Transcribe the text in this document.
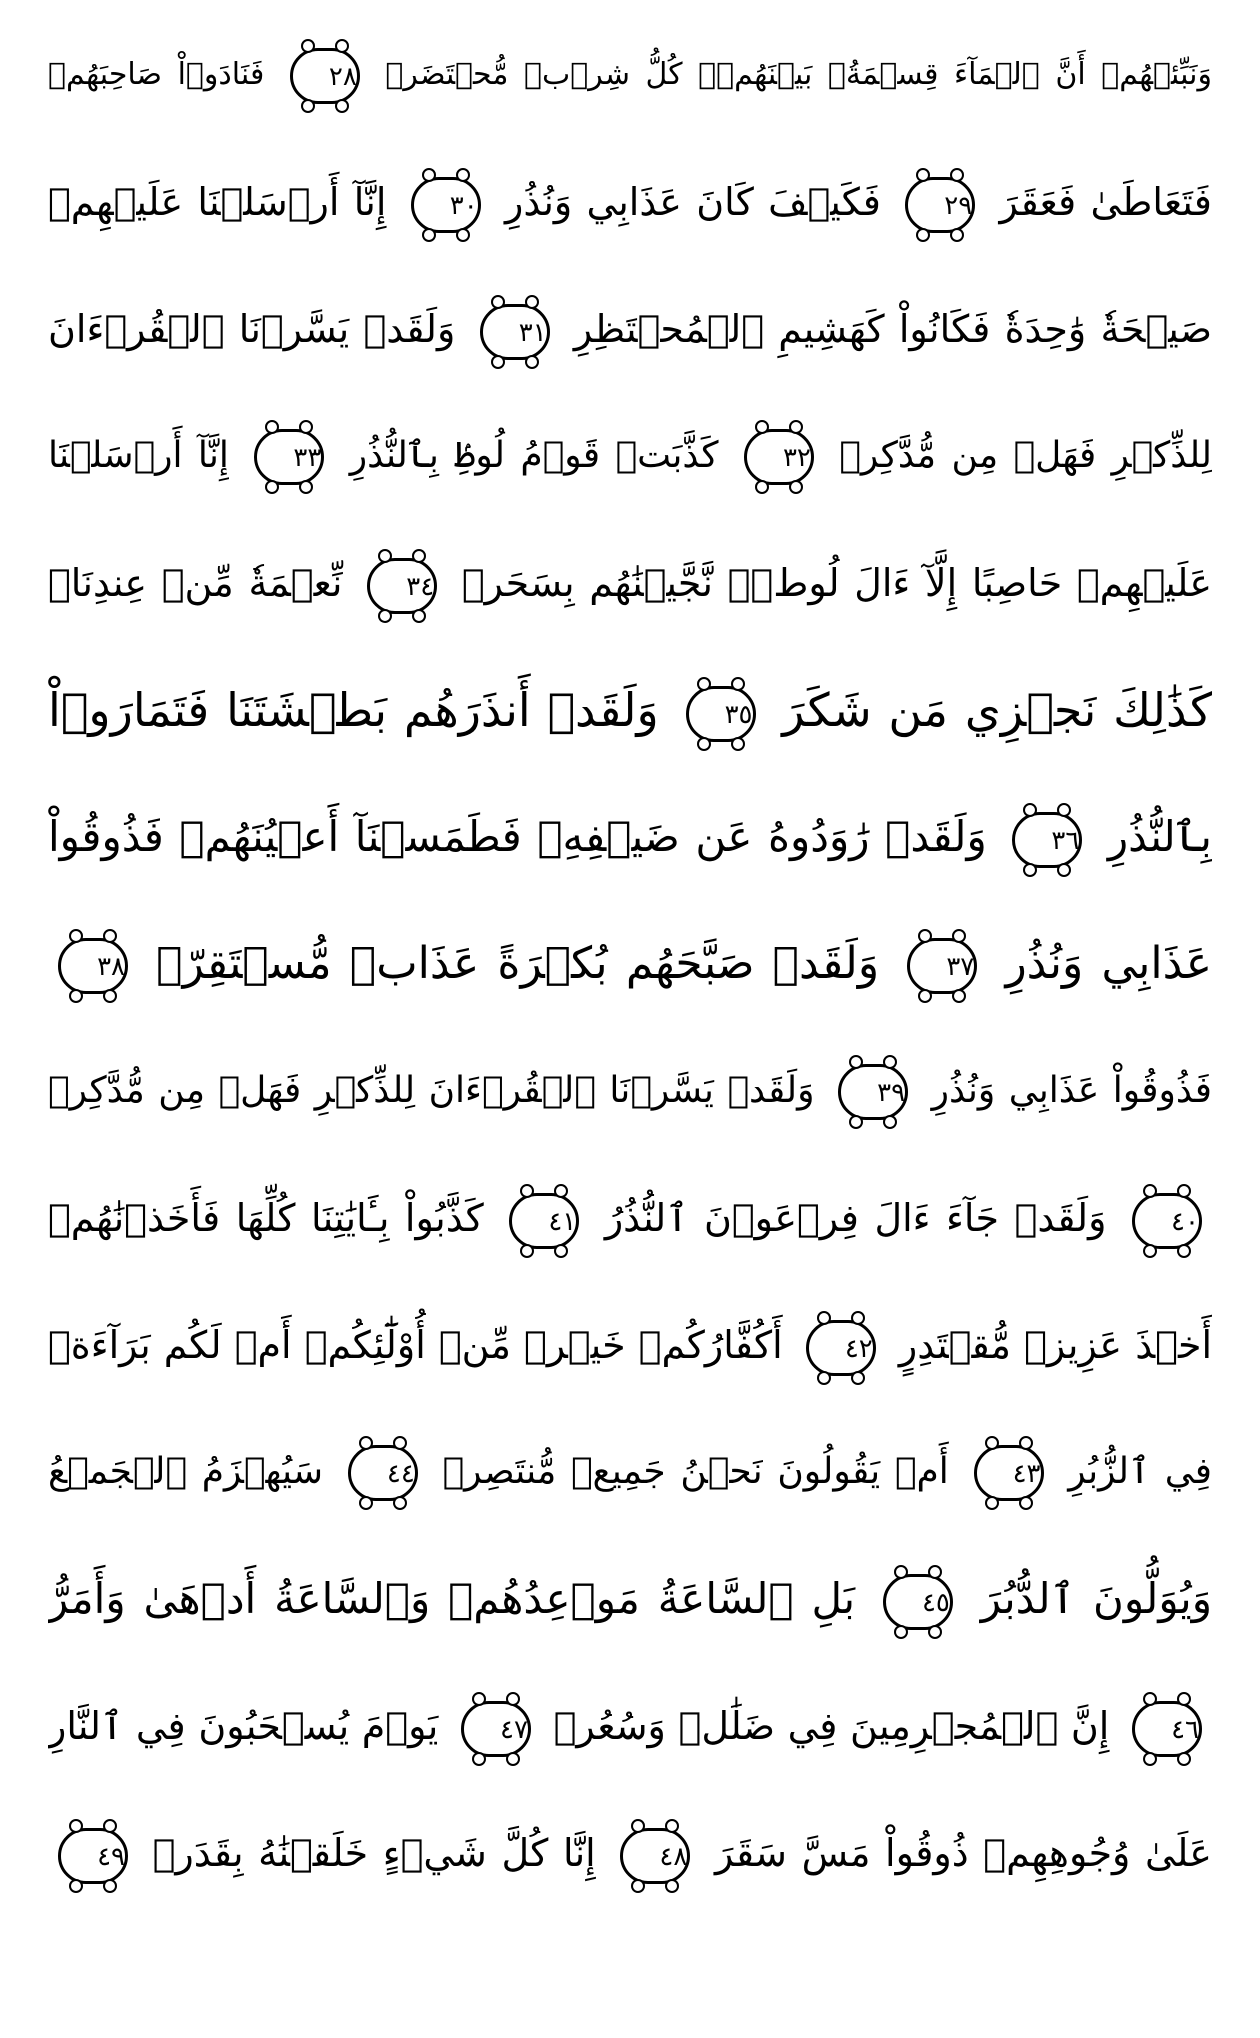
وَنَبِّئۡهُمۡ أَنَّ ٱلۡمَآءَ قِسۡمَةُۢ بَيۡنَهُمۡۖ كُلُّ شِرۡبٖ مُّحۡتَضَرٞ
٢٨ فَنَادَوۡاْ صَاحِبَهُمۡ
فَتَعَاطَىٰ فَعَقَرَ
٢٩ فَكَيۡفَ كَانَ عَذَابِي وَنُذُرِ
٣٠ إِنَّآ أَرۡسَلۡنَا عَلَيۡهِمۡ
صَيۡحَةٗ وَٰحِدَةٗ فَكَانُواْ كَهَشِيمِ ٱلۡمُحۡتَظِرِ
٣١ وَلَقَدۡ يَسَّرۡنَا ٱلۡقُرۡءَانَ
لِلذِّكۡرِ فَهَلۡ مِن مُّدَّكِرٖ
٣٢ كَذَّبَتۡ قَوۡمُ لُوطِۢ بِٱلنُّذُرِ
٣٣ إِنَّآ أَرۡسَلۡنَا
عَلَيۡهِمۡ حَاصِبًا إِلَّآ ءَالَ لُوطٖۖ نَّجَّيۡنَٰهُم بِسَحَرٖ
٣٤ نِّعۡمَةٗ مِّنۡ عِندِنَاۚ
كَذَٰلِكَ نَجۡزِي مَن شَكَرَ
٣٥ وَلَقَدۡ أَنذَرَهُم بَطۡشَتَنَا فَتَمَارَوۡاْ
بِٱلنُّذُرِ
٣٦ وَلَقَدۡ رَٰوَدُوهُ عَن ضَيۡفِهِۦ فَطَمَسۡنَآ أَعۡيُنَهُمۡ فَذُوقُواْ
عَذَابِي وَنُذُرِ
٣٧ وَلَقَدۡ صَبَّحَهُم بُكۡرَةً عَذَابٞ مُّسۡتَقِرّٞ
٣٨
فَذُوقُواْ عَذَابِي وَنُذُرِ
٣٩ وَلَقَدۡ يَسَّرۡنَا ٱلۡقُرۡءَانَ لِلذِّكۡرِ فَهَلۡ مِن مُّدَّكِرٖ
٤٠ وَلَقَدۡ جَآءَ ءَالَ فِرۡعَوۡنَ ٱلنُّذُرُ
٤١ كَذَّبُواْ بِـَٔايَٰتِنَا كُلِّهَا فَأَخَذۡنَٰهُمۡ
أَخۡذَ عَزِيزٖ مُّقۡتَدِرٍ
٤٢ أَكُفَّارُكُمۡ خَيۡرٞ مِّنۡ أُوْلَٰٓئِكُمۡ أَمۡ لَكُم بَرَآءَةٞ
فِي ٱلزُّبُرِ
٤٣ أَمۡ يَقُولُونَ نَحۡنُ جَمِيعٞ مُّنتَصِرٞ
٤٤ سَيُهۡزَمُ ٱلۡجَمۡعُ
وَيُوَلُّونَ ٱلدُّبُرَ
٤٥ بَلِ ٱلسَّاعَةُ مَوۡعِدُهُمۡ وَٱلسَّاعَةُ أَدۡهَىٰ وَأَمَرُّ
٤٦ إِنَّ ٱلۡمُجۡرِمِينَ فِي ضَلَٰلٖ وَسُعُرٖ
٤٧ يَوۡمَ يُسۡحَبُونَ فِي ٱلنَّارِ
عَلَىٰ وُجُوهِهِمۡ ذُوقُواْ مَسَّ سَقَرَ
٤٨ إِنَّا كُلَّ شَيۡءٍ خَلَقۡنَٰهُ بِقَدَرٖ
٤٩
